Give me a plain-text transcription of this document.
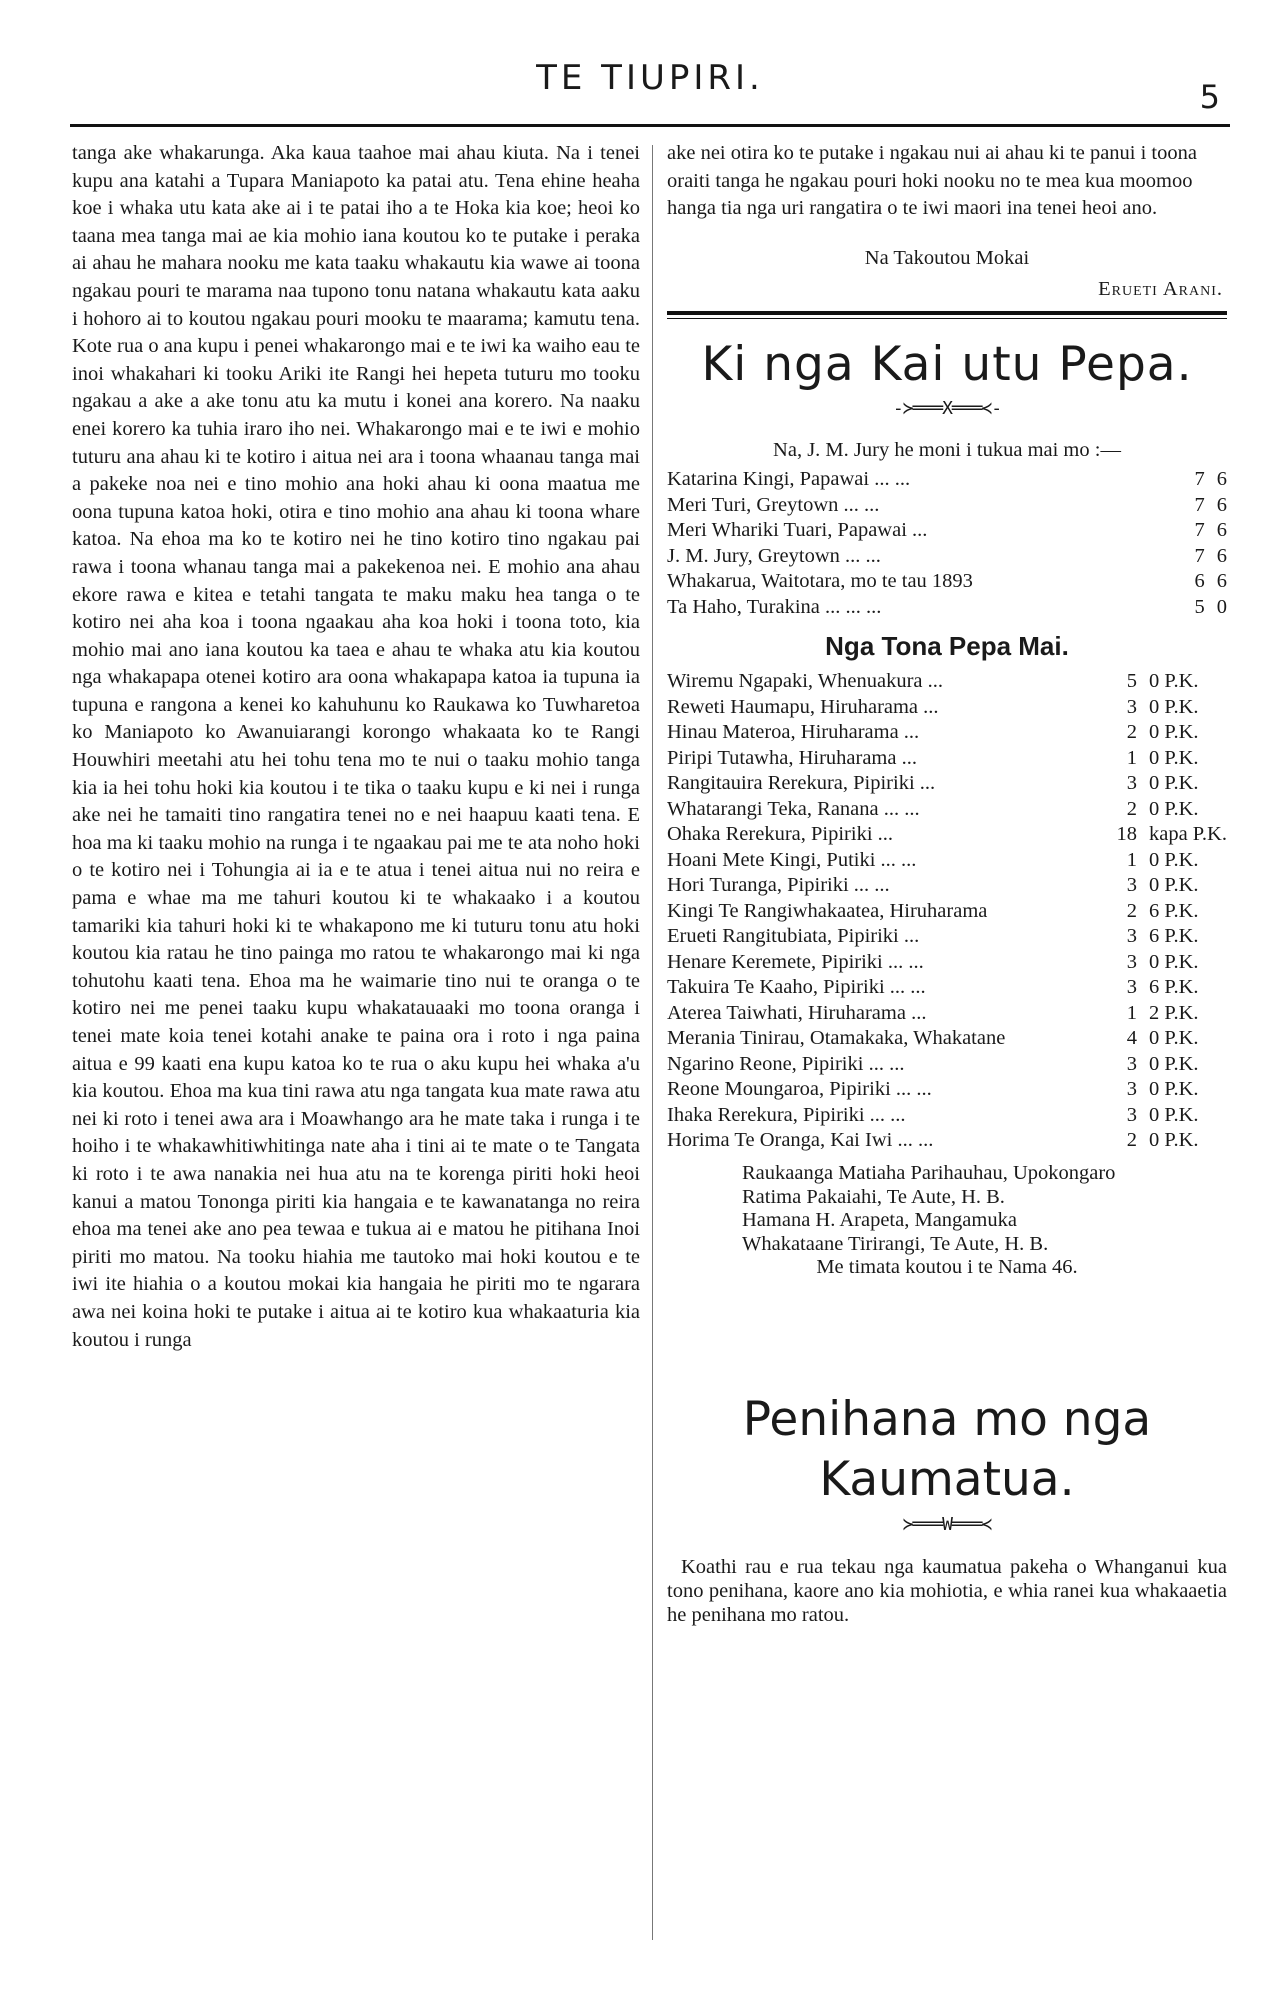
TE TIUPIRI.	5

tanga ake whakarunga. Aka kaua taahoe mai ahau kiuta. Na i tenei kupu ana katahi a Tupara Maniapoto ka patai atu. Tena ehine heaha koe i whaka utu kata ake ai i te patai iho a te Hoka kia koe; heoi ko taana mea tanga mai ae kia mohio iana koutou ko te putake i peraka ai ahau he mahara nooku me kata taaku whakautu kia wawe ai toona ngakau pouri te marama naa tupono tonu natana whakautu kata aaku i hohoro ai to koutou ngakau pouri mooku te maarama; kamutu tena. Kote rua o ana kupu i penei whakarongo mai e te iwi ka waiho eau te inoi whakahari ki tooku Ariki ite Rangi hei hepeta tuturu mo tooku ngakau a ake a ake tonu atu ka mutu i konei ana korero. Na naaku enei korero ka tuhia iraro iho nei. Whakarongo mai e te iwi e mohio tuturu ana ahau ki te kotiro i aitua nei ara i toona whaanau tanga mai a pakeke noa nei e tino mohio ana hoki ahau ki oona maatua me oona tupuna katoa hoki, otira e tino mohio ana ahau ki toona whare katoa. Na ehoa ma ko te kotiro nei he tino kotiro tino ngakau pai rawa i toona whanau tanga mai a pakekenoa nei. E mohio ana ahau ekore rawa e kitea e tetahi tangata te maku maku hea tanga o te kotiro nei aha koa i toona ngaakau aha koa hoki i toona toto, kia mohio mai ano iana koutou ka taea e ahau te whaka atu kia koutou nga whakapapa otenei kotiro ara oona whakapapa katoa ia tupuna ia tupuna e rangona a kenei ko kahuhunu ko Raukawa ko Tuwharetoa ko Maniapoto ko Awanuiarangi korongo whakaata ko te Rangi Houwhiri meetahi atu hei tohu tena mo te nui o taaku mohio tanga kia ia hei tohu hoki kia koutou i te tika o taaku kupu e ki nei i runga ake nei he tamaiti tino rangatira tenei no e nei haapuu kaati tena. E hoa ma ki taaku mohio na runga i te ngaakau pai me te ata noho hoki o te kotiro nei i Tohungia ai ia e te atua i tenei aitua nui no reira e pama e whae ma me tahuri koutou ki te whakaako i a koutou tamariki kia tahuri hoki ki te whakapono me ki tuturu tonu atu hoki koutou kia ratau he tino painga mo ratou te whakarongo mai ki nga tohutohu kaati tena. Ehoa ma he waimarie tino nui te oranga o te kotiro nei me penei taaku kupu whakatauaaki mo toona oranga i tenei mate koia tenei kotahi anake te paina ora i roto i nga paina aitua e 99 kaati ena kupu katoa ko te rua o aku kupu hei whaka a'u kia koutou. Ehoa ma kua tini rawa atu nga tangata kua mate rawa atu nei ki roto i tenei awa ara i Moawhango ara he mate taka i runga i te hoiho i te whakawhitiwhitinga nate aha i tini ai te mate o te Tangata ki roto i te awa nanakia nei hua atu na te korenga piriti hoki heoi kanui a matou Tononga piriti kia hangaia e te kawanatanga no reira ehoa ma tenei ake ano pea tewaa e tukua ai e matou he pitihana Inoi piriti mo matou. Na tooku hiahia me tautoko mai hoki koutou e te iwi ite hiahia o a koutou mokai kia hangaia he piriti mo te ngarara awa nei koina hoki te putake i aitua ai te kotiro kua whakaaturia kia koutou i runga

ake nei otira ko te putake i ngakau nui ai ahau ki te panui i toona oraiti tanga he ngakau pouri hoki nooku no te mea kua moomoo hanga tia nga uri rangatira o te iwi maori ina tenei heoi ano.

Na Takoutou Mokai
Erueti Arani.
Ki nga Kai utu Pepa.
-≻═══X═══≺-
Na, J. M. Jury he moni i tukua mai mo :—
Katarina Kingi, Papawai ... ...	7	6
Meri Turi, Greytown ... ...	7	6
Meri Whariki Tuari, Papawai ...	7	6
J. M. Jury, Greytown ... ...	7	6
Whakarua, Waitotara, mo te tau 1893	6	6
Ta Haho, Turakina ... ... ...	5	0
Nga Tona Pepa Mai.
Wiremu Ngapaki, Whenuakura ...	5	0 P.K.
Reweti Haumapu, Hiruharama ...	3	0 P.K.
Hinau Materoa, Hiruharama ...	2	0 P.K.
Piripi Tutawha, Hiruharama ...	1	0 P.K.
Rangitauira Rerekura, Pipiriki ...	3	0 P.K.
Whatarangi Teka, Ranana ... ...	2	0 P.K.
Ohaka Rerekura, Pipiriki ...	18	kapa P.K.
Hoani Mete Kingi, Putiki ... ...	1	0 P.K.
Hori Turanga, Pipiriki ... ...	3	0 P.K.
Kingi Te Rangiwhakaatea, Hiruharama	2	6 P.K.
Erueti Rangitubiata, Pipiriki ...	3	6 P.K.
Henare Keremete, Pipiriki ... ...	3	0 P.K.
Takuira Te Kaaho, Pipiriki ... ...	3	6 P.K.
Aterea Taiwhati, Hiruharama ...	1	2 P.K.
Merania Tinirau, Otamakaka, Whakatane	4	0 P.K.
Ngarino Reone, Pipiriki ... ...	3	0 P.K.
Reone Moungaroa, Pipiriki ... ...	3	0 P.K.
Ihaka Rerekura, Pipiriki ... ...	3	0 P.K.
Horima Te Oranga, Kai Iwi ... ...	2	0 P.K.
Raukaanga Matiaha Parihauhau, Upokongaro
Ratima Pakaiahi, Te Aute, H. B.
Hamana H. Arapeta, Mangamuka
Whakataane Tirirangi, Te Aute, H. B.
Me timata koutou i te Nama 46.
Penihana mo nga
Kaumatua.
≻═══W═══≺

Koathi rau e rua tekau nga kaumatua pakeha o Whanganui kua tono penihana, kaore ano kia mohiotia, e whia ranei kua whakaaetia he penihana mo ratou.
